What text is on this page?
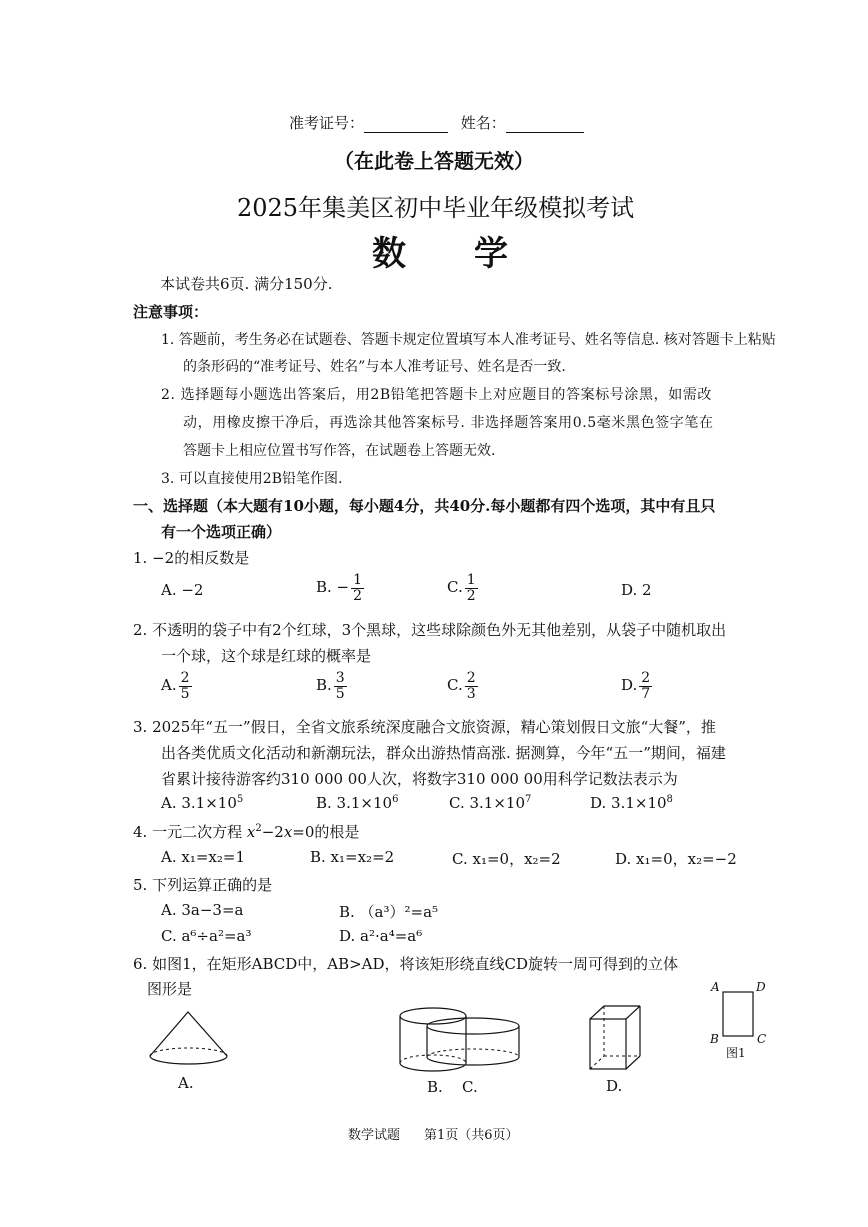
准考证号：	姓名：
（在此卷上答题无效）
2025年集美区初中毕业年级模拟考试
数　　学
本试卷共6页. 满分150分.
注意事项：
1. 答题前，考生务必在试题卷、答题卡规定位置填写本人准考证号、姓名等信息. 核对答题卡上粘贴
的条形码的“准考证号、姓名”与本人准考证号、姓名是否一致.
2. 选择题每小题选出答案后，用2B铅笔把答题卡上对应题目的答案标号涂黑，如需改
动，用橡皮擦干净后，再选涂其他答案标号. 非选择题答案用0.5毫米黑色签字笔在
答题卡上相应位置书写作答，在试题卷上答题无效.
3. 可以直接使用2B铅笔作图.
一、选择题（本大题有10小题，每小题4分，共40分.每小题都有四个选项，其中有且只
有一个选项正确）
1. −2的相反数是
A. −2	B. − $\frac{1}{2}$	C. $\frac{1}{2}$	D. 2
2. 不透明的袋子中有2个红球，3个黑球，这些球除颜色外无其他差别，从袋子中随机取出
一个球，这个球是红球的概率是
A. $\frac{2}{5}$	B. $\frac{3}{5}$	C. $\frac{2}{3}$	D. $\frac{2}{7}$
3. 2025年“五一”假日，全省文旅系统深度融合文旅资源，精心策划假日文旅“大餐”，推
出各类优质文化活动和新潮玩法，群众出游热情高涨. 据测算，今年“五一”期间，福建
省累计接待游客约310 000 00人次，将数字310 000 00用科学记数法表示为
A. $3.1\times 10^5$	B. $3.1\times 10^6$	C. $3.1\times 10^7$	D. $3.1\times 10^8$
4. 一元二次方程 $x^2-2x=0$的根是
A. x₁=x₂=1	B. x₁=x₂=2	C. x₁=0，x₂=2	D. x₁=0，x₂=−2
5. 下列运算正确的是
A. 3a−3=a	B. （a³）²=a⁵
C. a⁶÷a²=a³	D. a²·a⁴=a⁶
6. 如图1，在矩形ABCD中，AB>AD，将该矩形绕直线CD旋转一周可得到的立体
图形是
A.	B. C.	D.
A	D
B	C
图1
数学试题 第1页（共6页）
